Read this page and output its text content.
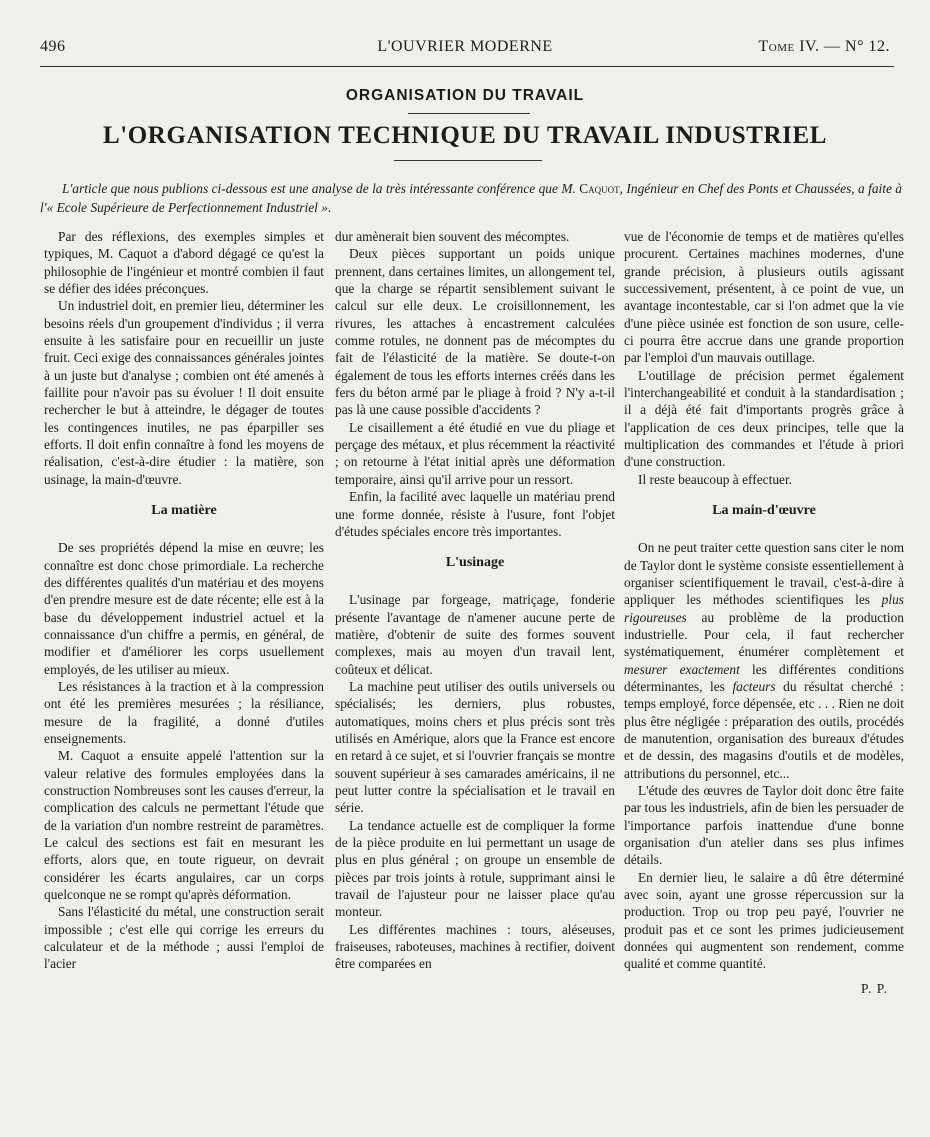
496	L'OUVRIER MODERNE	Tome IV. — N° 12.
ORGANISATION DU TRAVAIL
L'ORGANISATION TECHNIQUE DU TRAVAIL INDUSTRIEL
L'article que nous publions ci-dessous est une analyse de la très intéressante conférence que M. Caquot, Ingénieur en Chef des Ponts et Chaussées, a faite à l'« Ecole Supérieure de Perfectionnement Industriel ».

Par des réflexions, des exemples simples et typiques, M. Caquot a d'abord dégagé ce qu'est la philosophie de l'ingénieur et montré combien il faut se défier des idées préconçues.

Un industriel doit, en premier lieu, déterminer les besoins réels d'un groupement d'individus ; il verra ensuite à les satisfaire pour en recueillir un juste fruit. Ceci exige des connaissances générales jointes à un juste but d'analyse ; combien ont été amenés à faillite pour n'avoir pas su évoluer ! Il doit ensuite rechercher le but à atteindre, le dégager de toutes les contingences inutiles, ne pas éparpiller ses efforts. Il doit enfin connaître à fond les moyens de réalisation, c'est-à-dire étudier : la matière, son usinage, la main-d'œuvre.

La matière

De ses propriétés dépend la mise en œuvre; les connaître est donc chose primordiale. La recherche des différentes qualités d'un matériau et des moyens d'en prendre mesure est de date récente; elle est à la base du développement industriel actuel et la connaissance d'un chiffre a permis, en général, de modifier et d'améliorer les corps usuellement employés, de les utiliser au mieux.

Les résistances à la traction et à la compression ont été les premières mesurées ; la résiliance, mesure de la fragilité, a donné d'utiles enseignements.

M. Caquot a ensuite appelé l'attention sur la valeur relative des formules employées dans la construction Nombreuses sont les causes d'erreur, la complication des calculs ne permettant l'étude que de la variation d'un nombre restreint de paramètres. Le calcul des sections est fait en mesurant les efforts, alors que, en toute rigueur, on devrait considérer les écarts angulaires, car un corps quelconque ne se rompt qu'après déformation.

Sans l'élasticité du métal, une construction serait impossible ; c'est elle qui corrige les erreurs du calculateur et de la méthode ; aussi l'emploi de l'acier

dur amènerait bien souvent des mécomptes.

Deux pièces supportant un poids unique prennent, dans certaines limites, un allongement tel, que la charge se répartit sensiblement suivant le calcul sur elle deux. Le croisillonnement, les rivures, les attaches à encastrement calculées comme rotules, ne donnent pas de mécomptes du fait de l'élasticité de la matière. Se doute-t-on également de tous les efforts internes créés dans les fers du béton armé par le pliage à froid ? N'y a-t-il pas là une cause possible d'accidents ?

Le cisaillement a été étudié en vue du pliage et perçage des métaux, et plus récemment la réactivité ; on retourne à l'état initial après une déformation temporaire, ainsi qu'il arrive pour un ressort.

Enfin, la facilité avec laquelle un matériau prend une forme donnée, résiste à l'usure, font l'objet d'études spéciales encore très importantes.

L'usinage

L'usinage par forgeage, matriçage, fonderie présente l'avantage de n'amener aucune perte de matière, d'obtenir de suite des formes souvent complexes, mais au moyen d'un travail lent, coûteux et délicat.

La machine peut utiliser des outils universels ou spécialisés; les derniers, plus robustes, automatiques, moins chers et plus précis sont très utilisés en Amérique, alors que la France est encore en retard à ce sujet, et si l'ouvrier français se montre souvent supérieur à ses camarades américains, il ne peut lutter contre la spécialisation et le travail en série.

La tendance actuelle est de compliquer la forme de la pièce produite en lui permettant un usage de plus en plus général ; on groupe un ensemble de pièces par trois joints à rotule, supprimant ainsi le travail de l'ajusteur pour ne laisser place qu'au monteur.

Les différentes machines : tours, aléseuses, fraiseuses, raboteuses, machines à rectifier, doivent être comparées en

vue de l'économie de temps et de matières qu'elles procurent. Certaines machines modernes, d'une grande précision, à plusieurs outils agissant successivement, présentent, à ce point de vue, un avantage incontestable, car si l'on admet que la vie d'une pièce usinée est fonction de son usure, celle-ci pourra être accrue dans une grande proportion par l'emploi d'un mauvais outillage.

L'outillage de précision permet également l'interchangeabilité et conduit à la standardisation ; il a déjà été fait d'importants progrès grâce à l'application de ces deux principes, telle que la multiplication des commandes et l'étude à priori d'une construction.

Il reste beaucoup à effectuer.

La main-d'œuvre

On ne peut traiter cette question sans citer le nom de Taylor dont le système consiste essentiellement à organiser scientifiquement le travail, c'est-à-dire à appliquer les méthodes scientifiques les plus rigoureuses au problème de la production industrielle. Pour cela, il faut rechercher systématiquement, énumérer complètement et mesurer exactement les différentes conditions déterminantes, les facteurs du résultat cherché : temps employé, force dépensée, etc . . . Rien ne doit plus être négligée : préparation des outils, procédés de manutention, organisation des bureaux d'études et de dessin, des magasins d'outils et de modèles, attributions du personnel, etc...

L'étude des œuvres de Taylor doit donc être faite par tous les industriels, afin de bien les persuader de l'importance parfois inattendue d'une bonne organisation d'un atelier dans ses plus infimes détails.

En dernier lieu, le salaire a dû être déterminé avec soin, ayant une grosse répercussion sur la production. Trop ou trop peu payé, l'ouvrier ne produit pas et ce sont les primes judicieusement données qui augmentent son rendement, comme qualité et comme quantité.

P. P.
